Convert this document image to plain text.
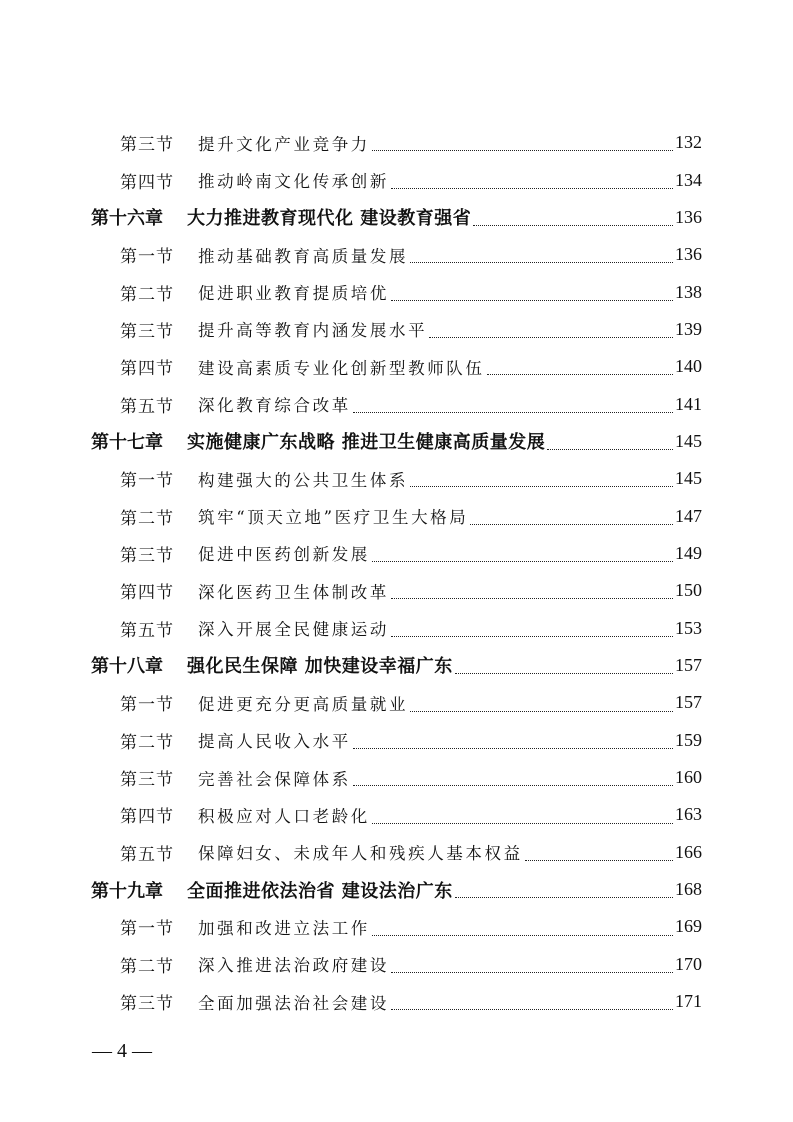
第三节	提升文化产业竞争力	132
第四节	推动岭南文化传承创新	134
第十六章	大力推进教育现代化 建设教育强省	136
第一节	推动基础教育高质量发展	136
第二节	促进职业教育提质培优	138
第三节	提升高等教育内涵发展水平	139
第四节	建设高素质专业化创新型教师队伍	140
第五节	深化教育综合改革	141
第十七章	实施健康广东战略 推进卫生健康高质量发展	145
第一节	构建强大的公共卫生体系	145
第二节	筑牢“顶天立地”医疗卫生大格局	147
第三节	促进中医药创新发展	149
第四节	深化医药卫生体制改革	150
第五节	深入开展全民健康运动	153
第十八章	强化民生保障 加快建设幸福广东	157
第一节	促进更充分更高质量就业	157
第二节	提高人民收入水平	159
第三节	完善社会保障体系	160
第四节	积极应对人口老龄化	163
第五节	保障妇女、未成年人和残疾人基本权益	166
第十九章	全面推进依法治省 建设法治广东	168
第一节	加强和改进立法工作	169
第二节	深入推进法治政府建设	170
第三节	全面加强法治社会建设	171
— 4 —
